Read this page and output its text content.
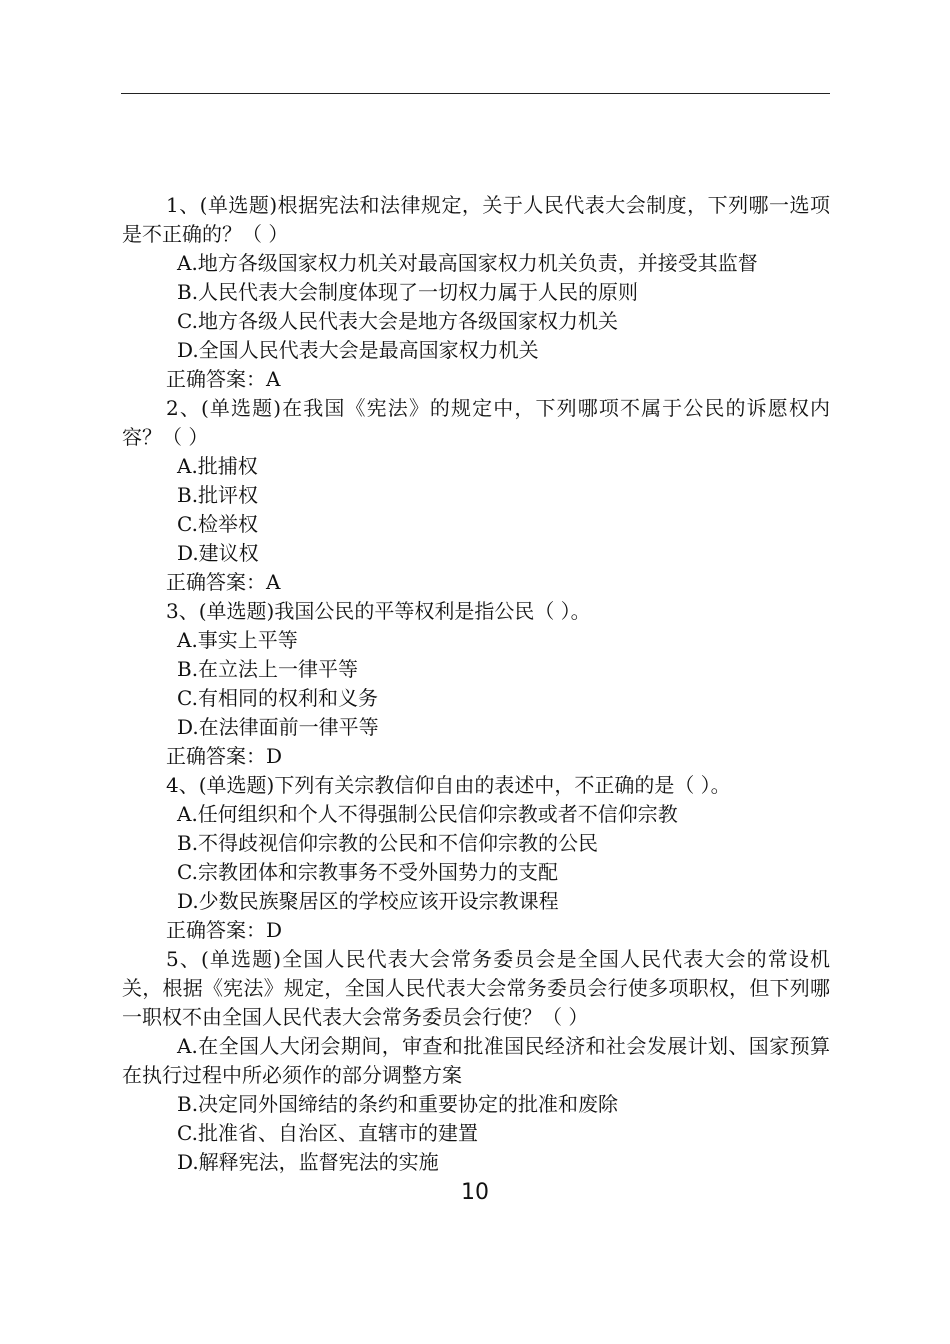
1、(单选题)根据宪法和法律规定，关于人民代表大会制度，下列哪一选项是不正确的？（ ）

A.地方各级国家权力机关对最高国家权力机关负责，并接受其监督

B.人民代表大会制度体现了一切权力属于人民的原则

C.地方各级人民代表大会是地方各级国家权力机关

D.全国人民代表大会是最高国家权力机关

正确答案：A

2、(单选题)在我国《宪法》的规定中，下列哪项不属于公民的诉愿权内容？（ ）

A.批捕权

B.批评权

C.检举权

D.建议权

正确答案：A

3、(单选题)我国公民的平等权利是指公民（ ）。

A.事实上平等

B.在立法上一律平等

C.有相同的权利和义务

D.在法律面前一律平等

正确答案：D

4、(单选题)下列有关宗教信仰自由的表述中，不正确的是（ ）。

A.任何组织和个人不得强制公民信仰宗教或者不信仰宗教

B.不得歧视信仰宗教的公民和不信仰宗教的公民

C.宗教团体和宗教事务不受外国势力的支配

D.少数民族聚居区的学校应该开设宗教课程

正确答案：D

5、(单选题)全国人民代表大会常务委员会是全国人民代表大会的常设机关，根据《宪法》规定，全国人民代表大会常务委员会行使多项职权，但下列哪一职权不由全国人民代表大会常务委员会行使？（ ）

A.在全国人大闭会期间，审查和批准国民经济和社会发展计划、国家预算在执行过程中所必须作的部分调整方案

B.决定同外国缔结的条约和重要协定的批准和废除

C.批准省、自治区、直辖市的建置

D.解释宪法，监督宪法的实施

10
